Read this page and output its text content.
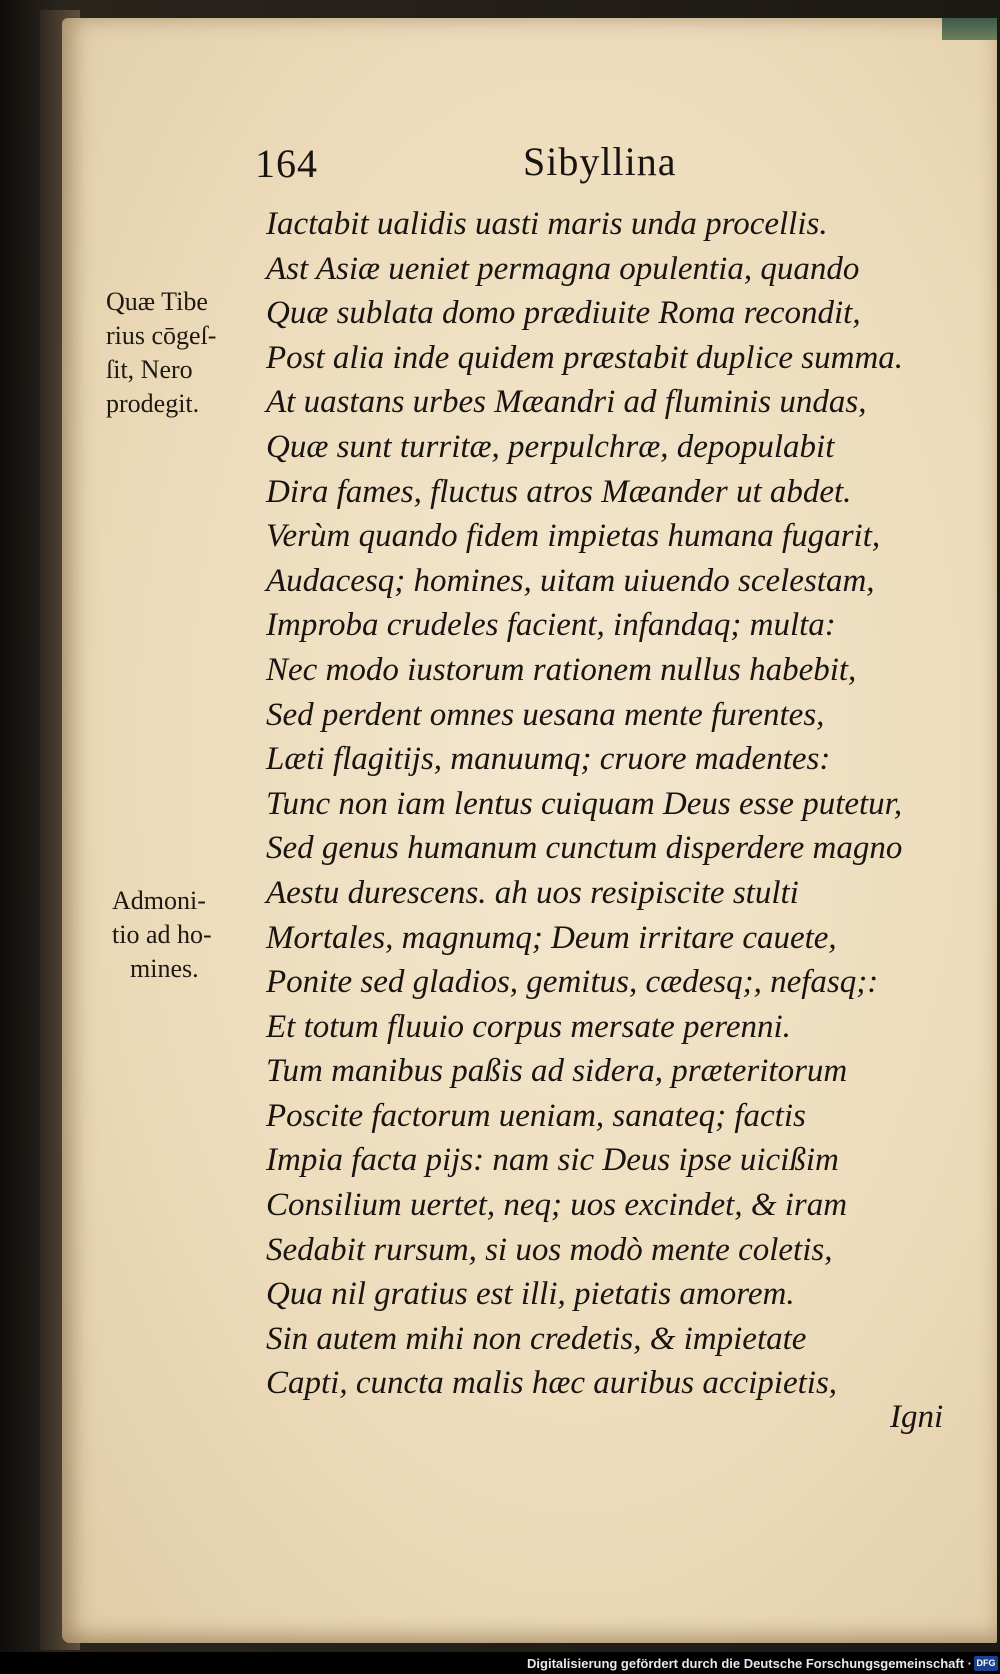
164	Sibyllina
Quæ Tibe
rius cōgeſ-
ſit, Nero
prodegit.
Admoni-
tio ad ho-
mines.
Iactabit ualidis uasti maris unda procellis.
Ast Asiæ ueniet permagna opulentia, quando
Quæ sublata domo prædiuite Roma recondit,
Post alia inde quidem præstabit duplice summa.
At uastans urbes Mæandri ad fluminis undas,
Quæ sunt turritæ, perpulchræ, depopulabit
Dira fames, fluctus atros Mæander ut abdet.
Verùm quando fidem impietas humana fugarit,
Audacesq; homines, uitam uiuendo scelestam,
Improba crudeles facient, infandaq; multa:
Nec modo iustorum rationem nullus habebit,
Sed perdent omnes uesana mente furentes,
Læti flagitijs, manuumq; cruore madentes:
Tunc non iam lentus cuiquam Deus esse putetur,
Sed genus humanum cunctum disperdere magno
Aestu durescens. ah uos resipiscite stulti
Mortales, magnumq; Deum irritare cauete,
Ponite sed gladios, gemitus, cædesq;, nefasq;:
Et totum fluuio corpus mersate perenni.
Tum manibus paßis ad sidera, præteritorum
Poscite factorum ueniam, sanateq; factis
Impia facta pijs: nam sic Deus ipse uicißim
Consilium uertet, neq; uos excindet, & iram
Sedabit rursum, si uos modò mente coletis,
Qua nil gratius est illi, pietatis amorem.
Sin autem mihi non credetis, & impietate
Capti, cuncta malis hæc auribus accipietis,
Igni
Digitalisierung gefördert durch die Deutsche Forschungsgemeinschaft · DFG
